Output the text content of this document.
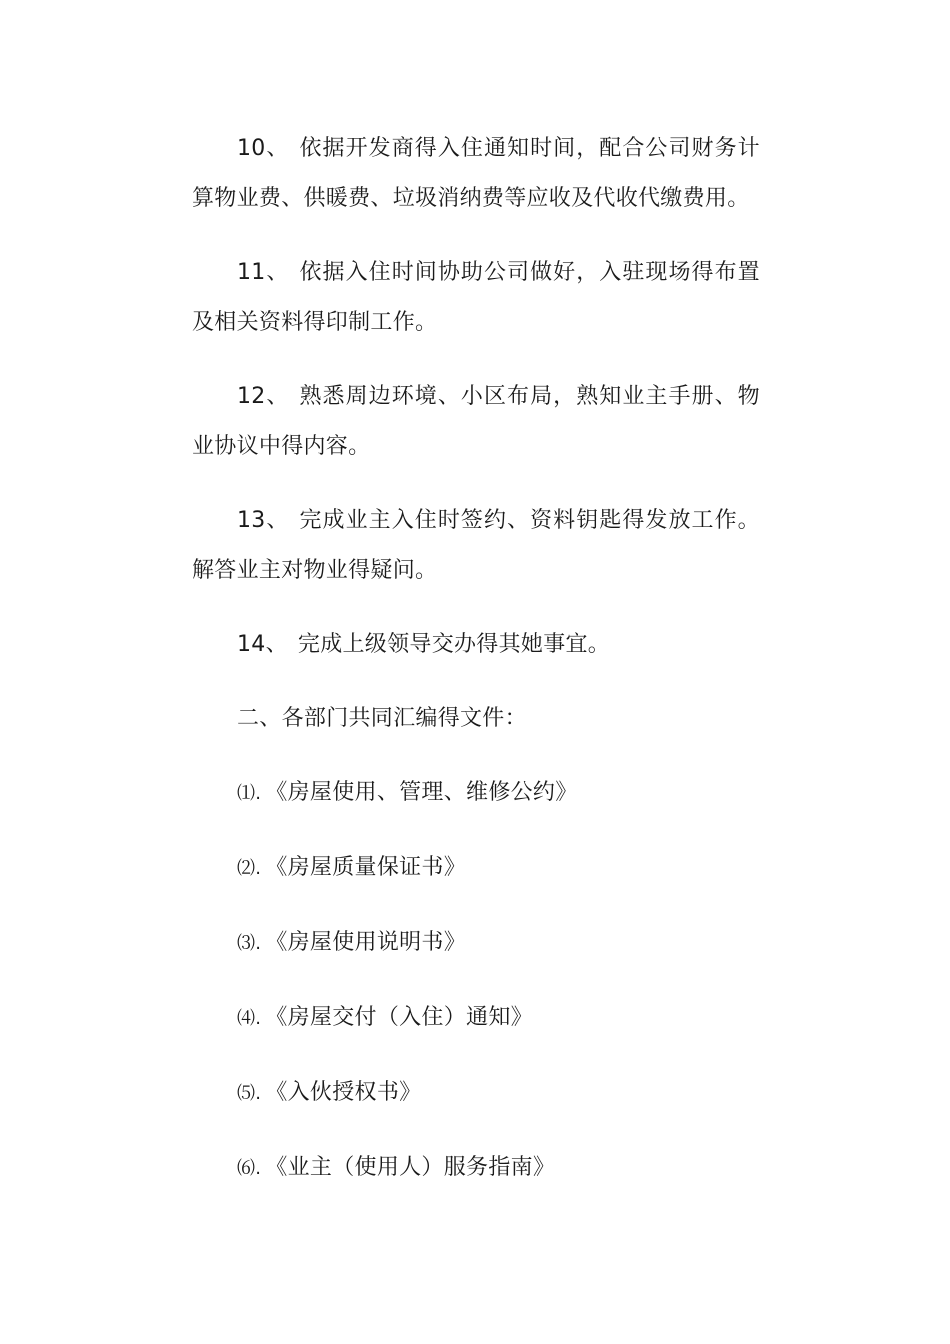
10、 依据开发商得入住通知时间，配合公司财务计算物业费、供暖费、垃圾消纳费等应收及代收代缴费用。

11、 依据入住时间协助公司做好，入驻现场得布置及相关资料得印制工作。

12、 熟悉周边环境、小区布局，熟知业主手册、物业协议中得内容。

13、 完成业主入住时签约、资料钥匙得发放工作。解答业主对物业得疑问。

14、 完成上级领导交办得其她事宜。

二、各部门共同汇编得文件：

⑴. 《房屋使用、管理、维修公约》
⑵. 《房屋质量保证书》
⑶. 《房屋使用说明书》
⑷. 《房屋交付（入住）通知》
⑸. 《入伙授权书》
⑹. 《业主（使用人）服务指南》
